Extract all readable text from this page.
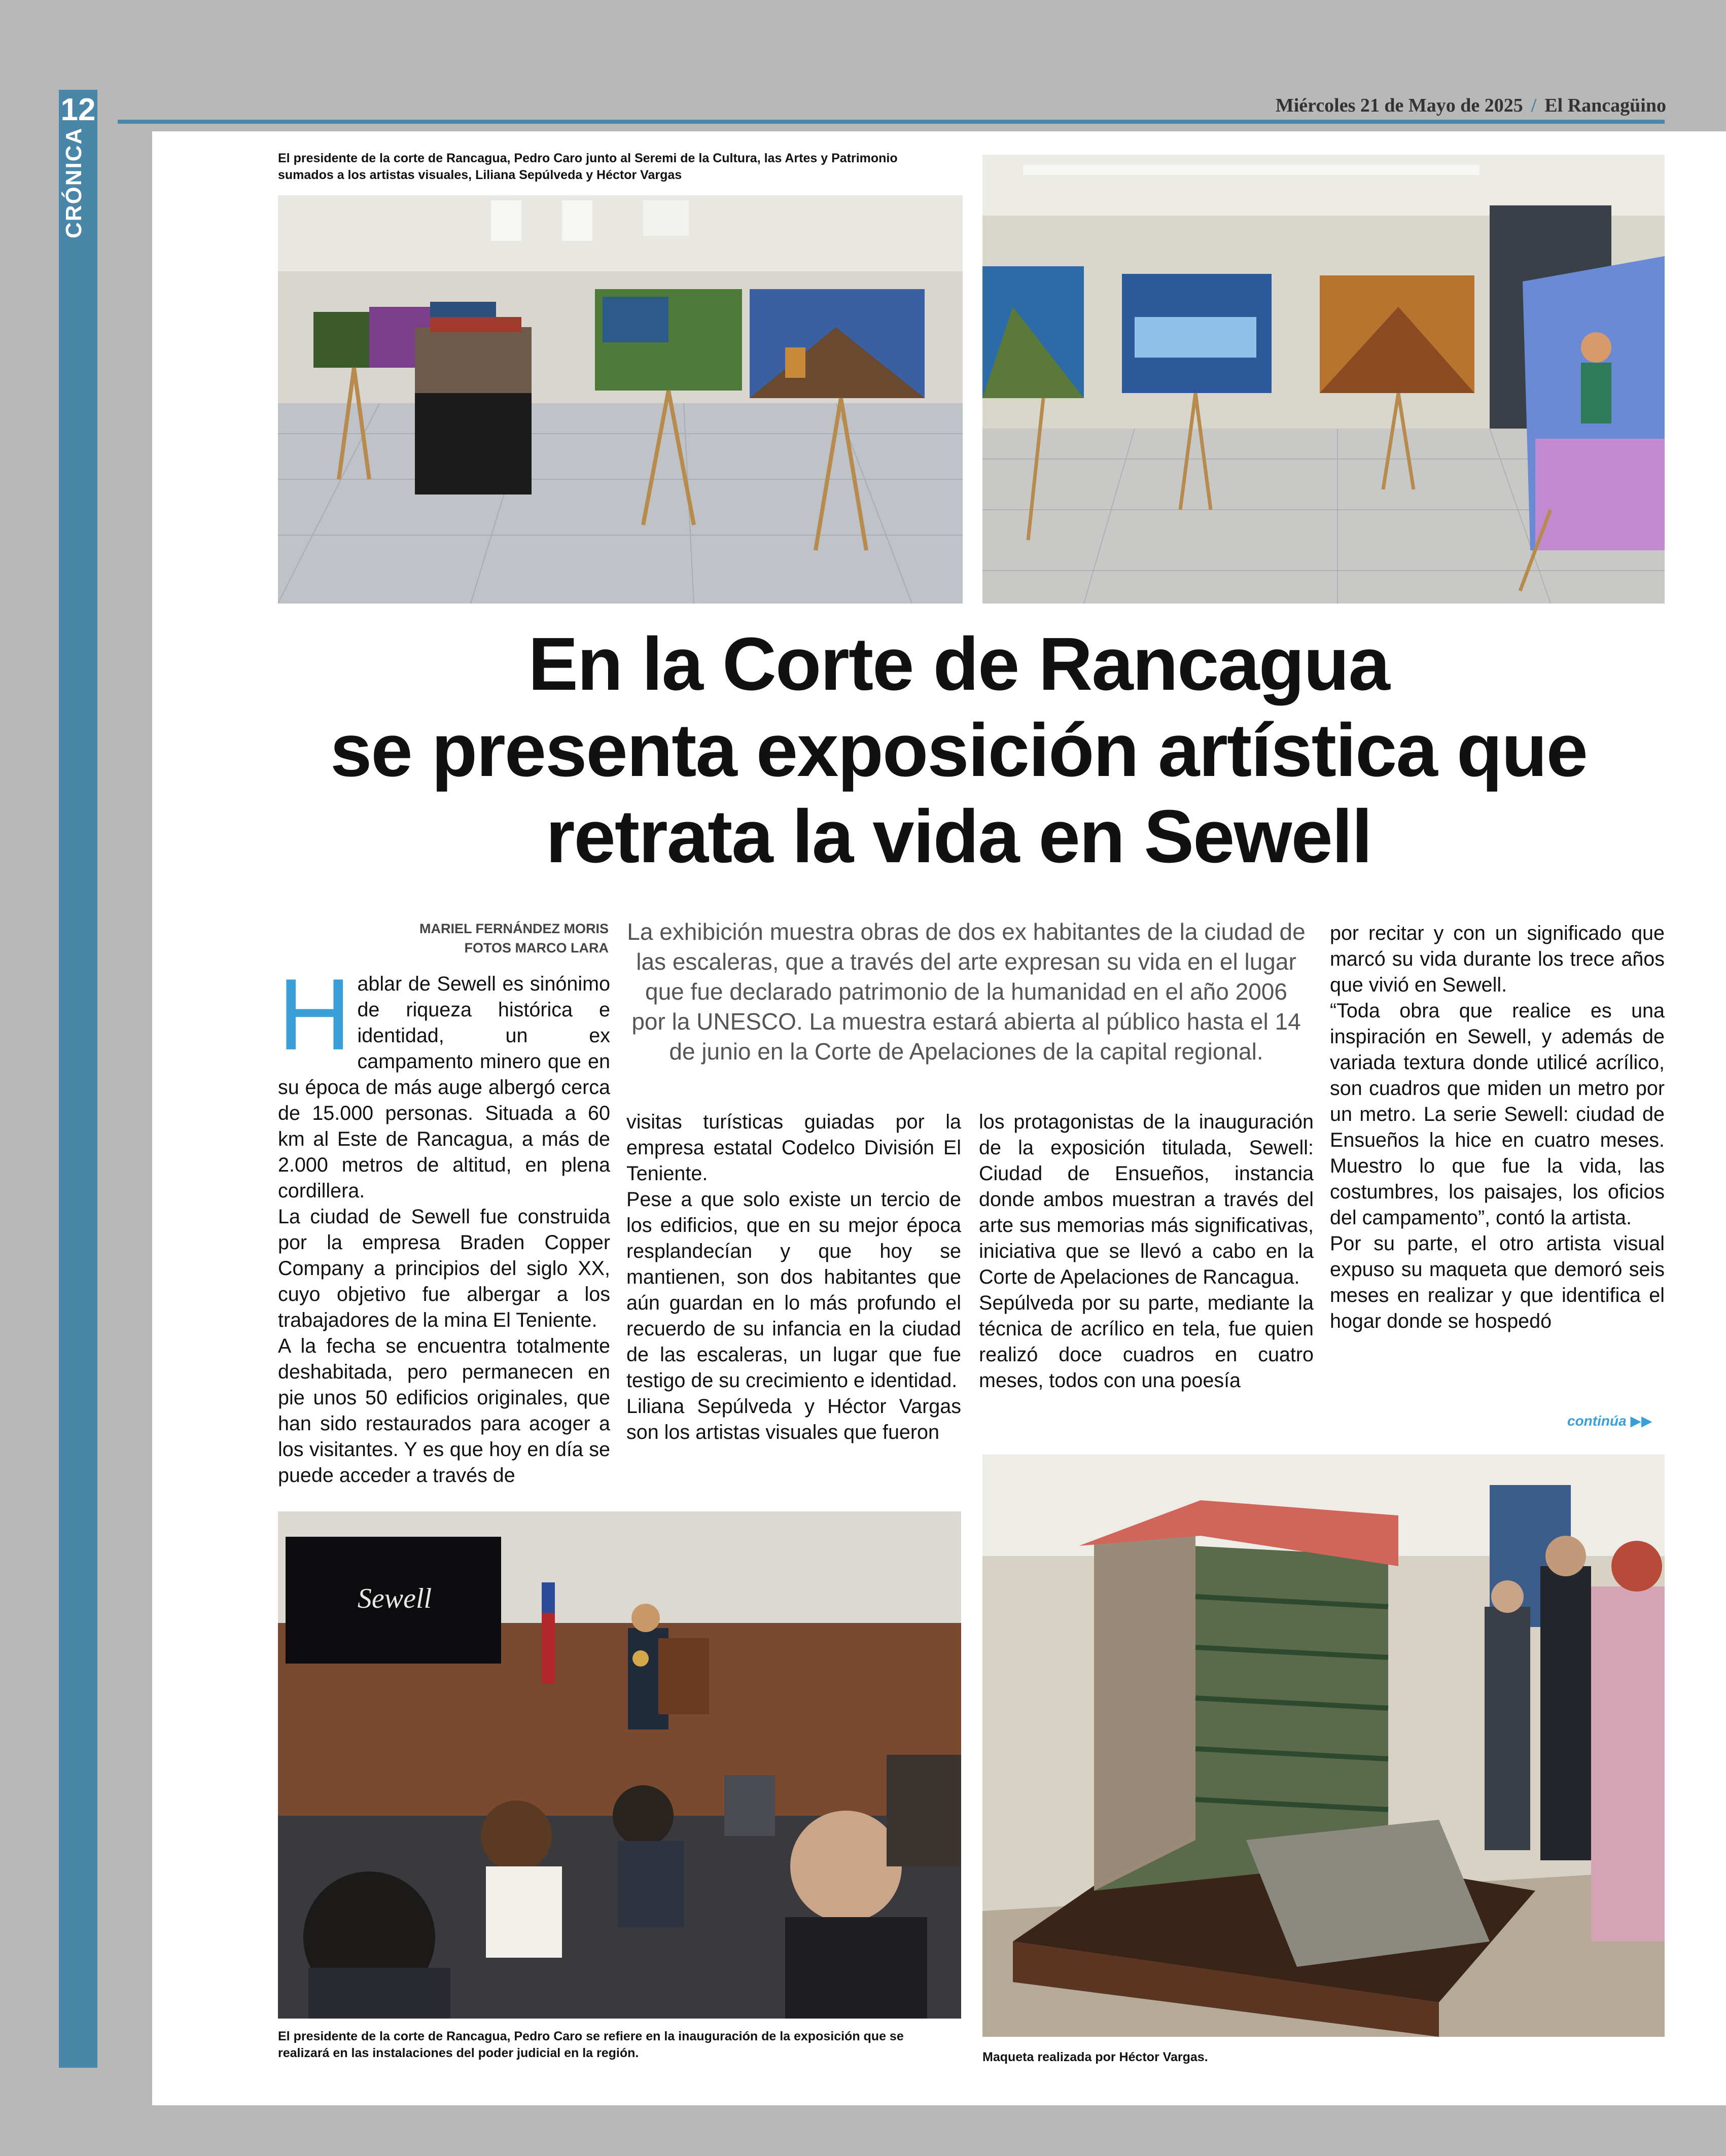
12
CRÓNICA
Miércoles 21 de Mayo de 2025 / El Rancagüino
El presidente de la corte de Rancagua, Pedro Caro junto al Seremi de la Cultura, las Artes y Patrimonio sumados a los artistas visuales, Liliana Sepúlveda y Héctor Vargas
En la Corte de Rancagua
se presenta exposición artística que
retrata la vida en Sewell
MARIEL FERNÁNDEZ MORIS
FOTOS MARCO LARA
La exhibición muestra obras de dos ex habitantes de la ciudad de las escaleras, que a través del arte expresan su vida en el lugar que fue declarado patrimonio de la humanidad en el año 2006 por la UNESCO. La muestra estará abierta al público hasta el 14 de junio en la Corte de Apelaciones de la capital regional.

Hablar de Sewell es sinónimo de riqueza histórica e identidad, un ex campamento minero que en su época de más auge albergó cerca de 15.000 personas. Situada a 60 km al Este de Rancagua, a más de 2.000 metros de altitud, en plena cordillera.

La ciudad de Sewell fue construida por la empresa Braden Copper Company a principios del siglo XX, cuyo objetivo fue albergar a los trabajadores de la mina El Teniente.

A la fecha se encuentra totalmente deshabitada, pero permanecen en pie unos 50 edificios originales, que han sido restaurados para acoger a los visitantes. Y es que hoy en día se puede acceder a través de

visitas turísticas guiadas por la empresa estatal Codelco División El Teniente.

Pese a que solo existe un tercio de los edificios, que en su mejor época resplandecían y que hoy se mantienen, son dos habitantes que aún guardan en lo más profundo el recuerdo de su infancia en la ciudad de las escaleras, un lugar que fue testigo de su crecimiento e identidad.

Liliana Sepúlveda y Héctor Vargas son los artistas visuales que fueron

los protagonistas de la inauguración de la exposición titulada, Sewell: Ciudad de Ensueños, instancia donde ambos muestran a través del arte sus memorias más significativas, iniciativa que se llevó a cabo en la Corte de Apelaciones de Rancagua.

Sepúlveda por su parte, mediante la técnica de acrílico en tela, fue quien realizó doce cuadros en cuatro meses, todos con una poesía

por recitar y con un significado que marcó su vida durante los trece años que vivió en Sewell.

“Toda obra que realice es una inspiración en Sewell, y además de variada textura donde utilicé acrílico, son cuadros que miden un metro por un metro. La serie Sewell: ciudad de Ensueños la hice en cuatro meses. Muestro lo que fue la vida, las costumbres, los paisajes, los oficios del campamento”, contó la artista.

Por su parte, el otro artista visual expuso su maqueta que demoró seis meses en realizar y que identifica el hogar donde se hospedó

continúa ▶▶
Sewell
El presidente de la corte de Rancagua, Pedro Caro se refiere en la inauguración de la exposición que se realizará en las instalaciones del poder judicial en la región.	Maqueta realizada por Héctor Vargas.
